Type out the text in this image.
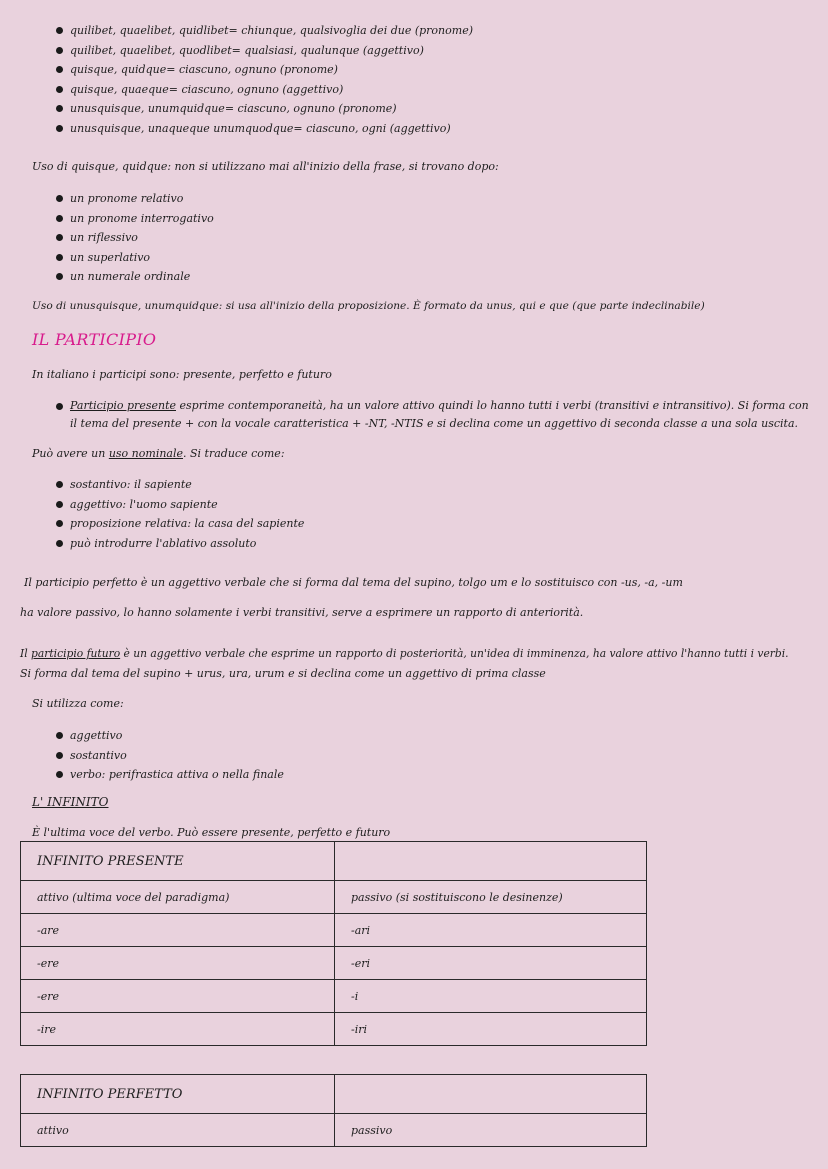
quilibet, quaelibet, quidlibet= chiunque, qualsivoglia dei due (pronome)
quilibet, quaelibet, quodlibet= qualsiasi, qualunque (aggettivo)
quisque, quidque= ciascuno, ognuno (pronome)
quisque, quaeque= ciascuno, ognuno (aggettivo)
unusquisque, unumquidque= ciascuno, ognuno (pronome)
unusquisque, unaqueque unumquodque= ciascuno, ogni (aggettivo)
Uso di quisque, quidque: non si utilizzano mai all'inizio della frase, si trovano dopo:
un pronome relativo
un pronome interrogativo
un riflessivo
un superlativo
un numerale ordinale
Uso di unusquisque, unumquidque: si usa all'inizio della proposizione. È formato da unus, qui e que (que parte indeclinabile)
IL PARTICIPIO
In italiano i participi sono: presente, perfetto e futuro
Participio presente esprime contemporaneità, ha un valore attivo quindi lo hanno tutti i verbi (transitivi e intransitivo). Si forma con il tema del presente + con la vocale caratteristica + -NT, -NTIS e si declina come un aggettivo di seconda classe a una sola uscita.
Può avere un uso nominale. Si traduce come:
sostantivo: il sapiente
aggettivo: l'uomo sapiente
proposizione relativa: la casa del sapiente
può introdurre l'ablativo assoluto
Il participio perfetto è un aggettivo verbale che si forma dal tema del supino, tolgo um e lo sostituisco con -us, -a, -um
ha valore passivo, lo hanno solamente i verbi transitivi, serve a esprimere un rapporto di anteriorità.
Il participio futuro è un aggettivo verbale che esprime un rapporto di posteriorità, un'idea di imminenza, ha valore attivo l'hanno tutti i verbi.
Si forma dal tema del supino + urus, ura, urum e si declina come un aggettivo di prima classe
Si utilizza come:
aggettivo
sostantivo
verbo: perifrastica attiva o nella finale
L' INFINITO
È l'ultima voce del verbo. Può essere presente, perfetto e futuro
INFINITO PRESENTE	
attivo (ultima voce del paradigma)	passivo (si sostituiscono le desinenze)
-are	-ari
-ere	-eri
-ere	-i
-ire	-iri
INFINITO PERFETTO	
attivo	passivo
